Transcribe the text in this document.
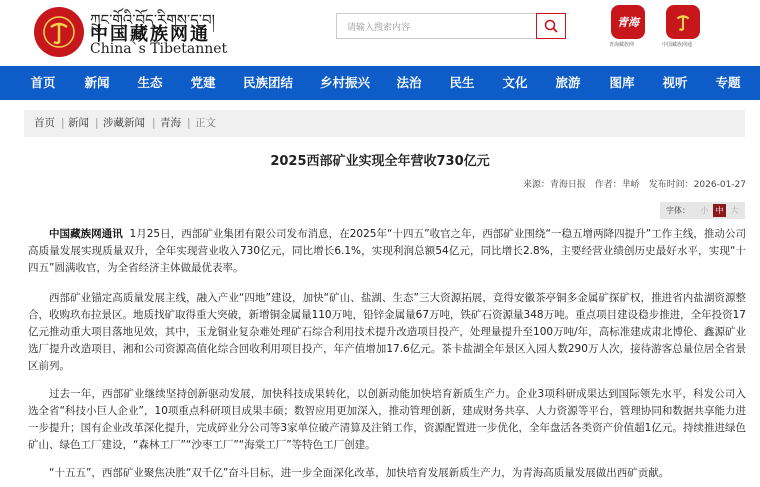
ཀྲུང་གོའི་བོད་རིགས་དྲ་བ།
中国藏族网通
China`s Tibetannet
请输入搜索内容	青海
青海藏族网	中国藏族网通
首页 新闻 生态 党建 民族团结 乡村振兴 法治 民生 文化 旅游 图库 视听 专题
首页 | 新闻 | 涉藏新闻 | 青海 | 正文
2025西部矿业实现全年营收730亿元
来源：青海日报 作者：芈峤 发布时间：2026-01-27
字体：	小 中 大

中国藏族网通讯 1月25日，西部矿业集团有限公司发布消息，在2025年“十四五”收官之年，西部矿业围绕“一稳五增两降四提升”工作主线，推动公司高质量发展实现质量双升，全年实现营业收入730亿元，同比增长6.1%，实现利润总额54亿元，同比增长2.8%，主要经营业绩创历史最好水平，实现“十四五”圆满收官，为全省经济主体做最优表率。

西部矿业锚定高质量发展主线，融入产业“四地”建设，加快“矿山、盐湖、生态”三大资源拓展，竞得安徽茶亭铜多金属矿探矿权，推进省内盐湖资源整合，收购玖布拉景区。地质找矿取得重大突破，新增铜金属量110万吨，铅锌金属量67万吨，铁矿石资源量348万吨。重点项目建设稳步推进，全年投资17亿元推动重大项目落地见效，其中，玉龙铜业复杂难处理矿石综合利用技术提升改造项目投产，处理量提升至100万吨/年，高标准建成肃北博伦、鑫源矿业选厂提升改造项目，湘和公司资源高值化综合回收利用项目投产，年产值增加17.6亿元。茶卡盐湖全年景区入园人数290万人次，接待游客总量位居全省景区前列。

过去一年，西部矿业继续坚持创新驱动发展，加快科技成果转化，以创新动能加快培育新质生产力。企业3项科研成果达到国际领先水平，科发公司入选全省“科技小巨人企业”，10项重点科研项目成果丰硕；数智应用更加深入，推动管理创新，建成财务共享、人力资源等平台，管理协同和数据共享能力进一步提升；国有企业改革深化提升，完成碎业分公司等3家单位破产清算及注销工作，资源配置进一步优化，全年盘活各类资产价值超1亿元。持续推进绿色矿山、绿色工厂建设，“森林工厂”“沙枣工厂”“海棠工厂”等特色工厂创建。

“十五五”，西部矿业聚焦决胜“双千亿”奋斗目标，进一步全面深化改革，加快培育发展新质生产力，为青海高质量发展做出西矿贡献。
